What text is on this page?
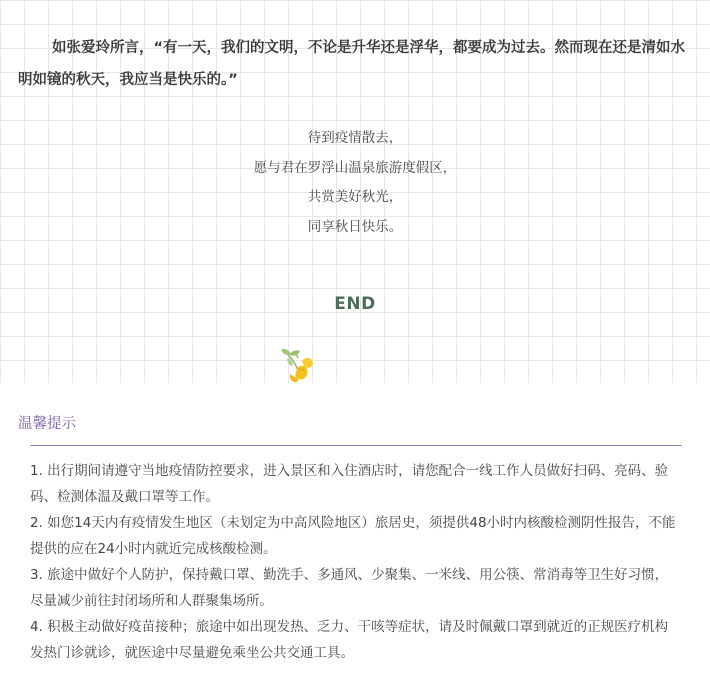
如张爱玲所言，“有一天，我们的文明，不论是升华还是浮华，都要成为过去。然而现在还是清如水明如镜的秋天，我应当是快乐的。”

待到疫情散去，

愿与君在罗浮山温泉旅游度假区，

共赏美好秋光，

同享秋日快乐。

END
温馨提示
1. 出行期间请遵守当地疫情防控要求，进入景区和入住酒店时，请您配合一线工作人员做好扫码、亮码、验码、检测体温及戴口罩等工作。
2. 如您14天内有疫情发生地区（未划定为中高风险地区）旅居史，须提供48小时内核酸检测阴性报告，不能提供的应在24小时内就近完成核酸检测。
3. 旅途中做好个人防护，保持戴口罩、勤洗手、多通风、少聚集、一米线、用公筷、常消毒等卫生好习惯，尽量减少前往封闭场所和人群聚集场所。
4. 积极主动做好疫苗接种；旅途中如出现发热、乏力、干咳等症状，请及时佩戴口罩到就近的正规医疗机构发热门诊就诊，就医途中尽量避免乘坐公共交通工具。
